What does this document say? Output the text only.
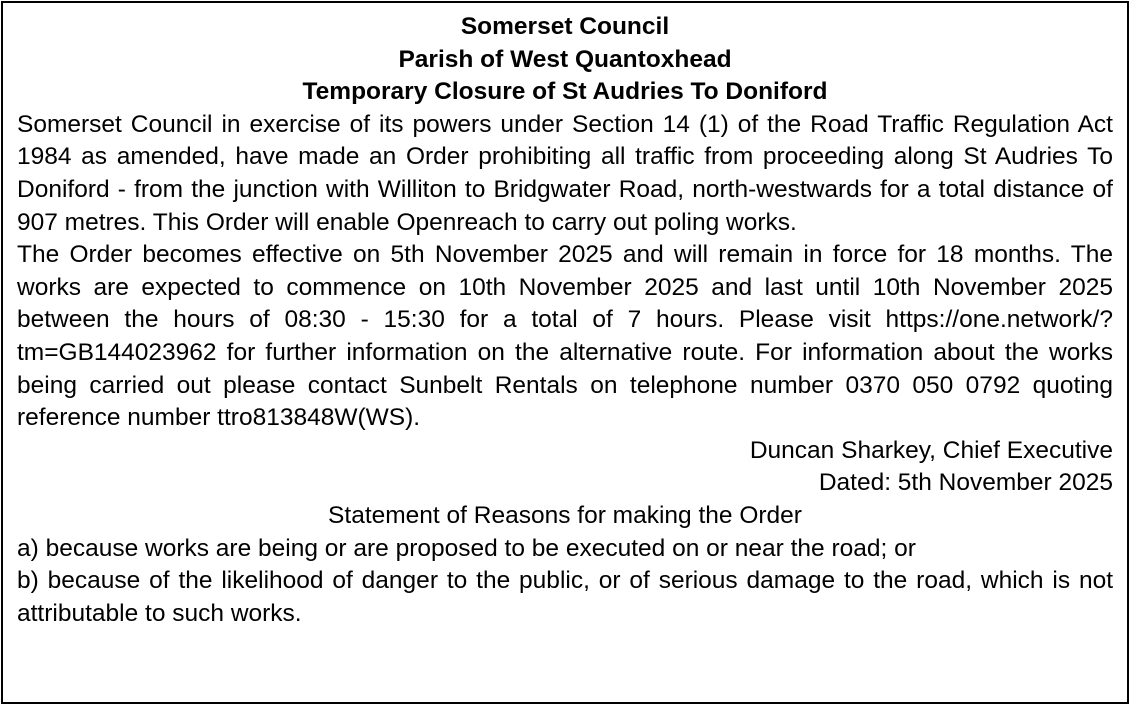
Somerset Council

Parish of West Quantoxhead

Temporary Closure of St Audries To Doniford

Somerset Council in exercise of its powers under Section 14 (1) of the Road Traffic Regulation Act 1984 as amended, have made an Order prohibiting all traffic from proceeding along St Audries To Doniford - from the junction with Williton to Bridgwater Road, north-westwards for a total distance of 907 metres. This Order will enable Openreach to carry out poling works.

The Order becomes effective on 5th November 2025 and will remain in force for 18 months. The works are expected to commence on 10th November 2025 and last until 10th November 2025 between the hours of 08:30 - 15:30 for a total of 7 hours. Please visit https://one.network/?tm=GB144023962 for further information on the alternative route. For information about the works being carried out please contact Sunbelt Rentals on telephone number 0370 050 0792 quoting reference number ttro813848W(WS).

Duncan Sharkey, Chief Executive

Dated: 5th November 2025

Statement of Reasons for making the Order

a) because works are being or are proposed to be executed on or near the road; or

b) because of the likelihood of danger to the public, or of serious damage to the road, which is not attributable to such works.
